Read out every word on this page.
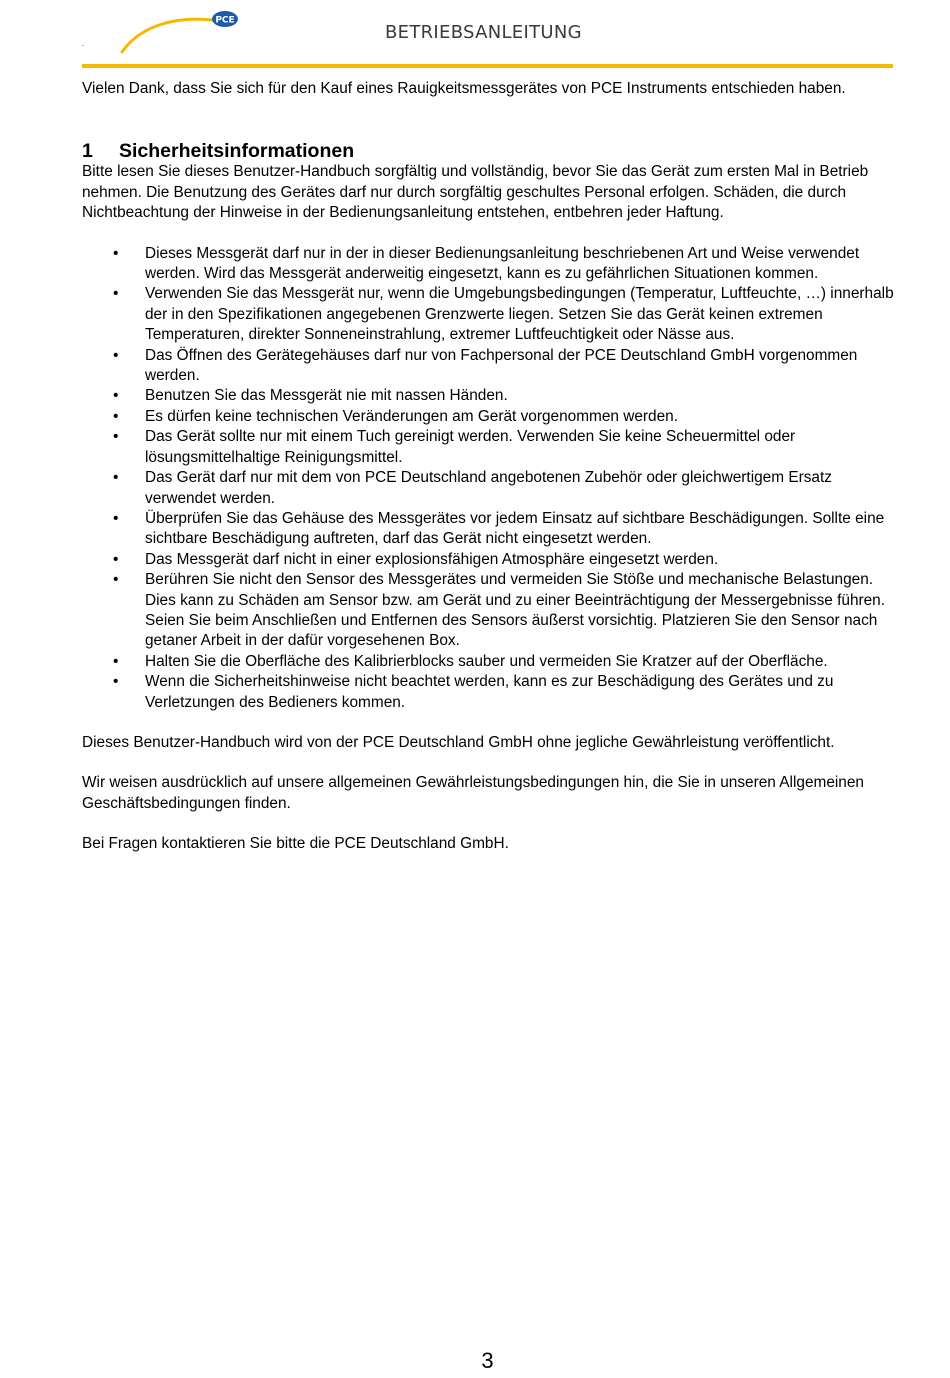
PCE
BETRIEBSANLEITUNG

Vielen Dank, dass Sie sich für den Kauf eines Rauigkeitsmessgerätes von PCE Instruments entschieden haben.

1	Sicherheitsinformationen

Bitte lesen Sie dieses Benutzer-Handbuch sorgfältig und vollständig, bevor Sie das Gerät zum ersten Mal in Betrieb nehmen. Die Benutzung des Gerätes darf nur durch sorgfältig geschultes Personal erfolgen. Schäden, die durch Nichtbeachtung der Hinweise in der Bedienungsanleitung entstehen, entbehren jeder Haftung.

• Dieses Messgerät darf nur in der in dieser Bedienungsanleitung beschriebenen Art und Weise verwendet werden. Wird das Messgerät anderweitig eingesetzt, kann es zu gefährlichen Situationen kommen.
• Verwenden Sie das Messgerät nur, wenn die Umgebungsbedingungen (Temperatur, Luftfeuchte, …) innerhalb der in den Spezifikationen angegebenen Grenzwerte liegen. Setzen Sie das Gerät keinen extremen Temperaturen, direkter Sonneneinstrahlung, extremer Luftfeuchtigkeit oder Nässe aus.
• Das Öffnen des Gerätegehäuses darf nur von Fachpersonal der PCE Deutschland GmbH vorgenommen werden.
• Benutzen Sie das Messgerät nie mit nassen Händen.
• Es dürfen keine technischen Veränderungen am Gerät vorgenommen werden.
• Das Gerät sollte nur mit einem Tuch gereinigt werden. Verwenden Sie keine Scheuermittel oder lösungsmittelhaltige Reinigungsmittel.
• Das Gerät darf nur mit dem von PCE Deutschland angebotenen Zubehör oder gleichwertigem Ersatz verwendet werden.
• Überprüfen Sie das Gehäuse des Messgerätes vor jedem Einsatz auf sichtbare Beschädigungen. Sollte eine sichtbare Beschädigung auftreten, darf das Gerät nicht eingesetzt werden.
• Das Messgerät darf nicht in einer explosionsfähigen Atmosphäre eingesetzt werden.
• Berühren Sie nicht den Sensor des Messgerätes und vermeiden Sie Stöße und mechanische Belastungen. Dies kann zu Schäden am Sensor bzw. am Gerät und zu einer Beeinträchtigung der Messergebnisse führen. Seien Sie beim Anschließen und Entfernen des Sensors äußerst vorsichtig. Platzieren Sie den Sensor nach getaner Arbeit in der dafür vorgesehenen Box.
• Halten Sie die Oberfläche des Kalibrierblocks sauber und vermeiden Sie Kratzer auf der Oberfläche.
• Wenn die Sicherheitshinweise nicht beachtet werden, kann es zur Beschädigung des Gerätes und zu Verletzungen des Bedieners kommen.

Dieses Benutzer-Handbuch wird von der PCE Deutschland GmbH ohne jegliche Gewährleistung veröffentlicht.

Wir weisen ausdrücklich auf unsere allgemeinen Gewährleistungsbedingungen hin, die Sie in unseren Allgemeinen Geschäftsbedingungen finden.

Bei Fragen kontaktieren Sie bitte die PCE Deutschland GmbH.

3
